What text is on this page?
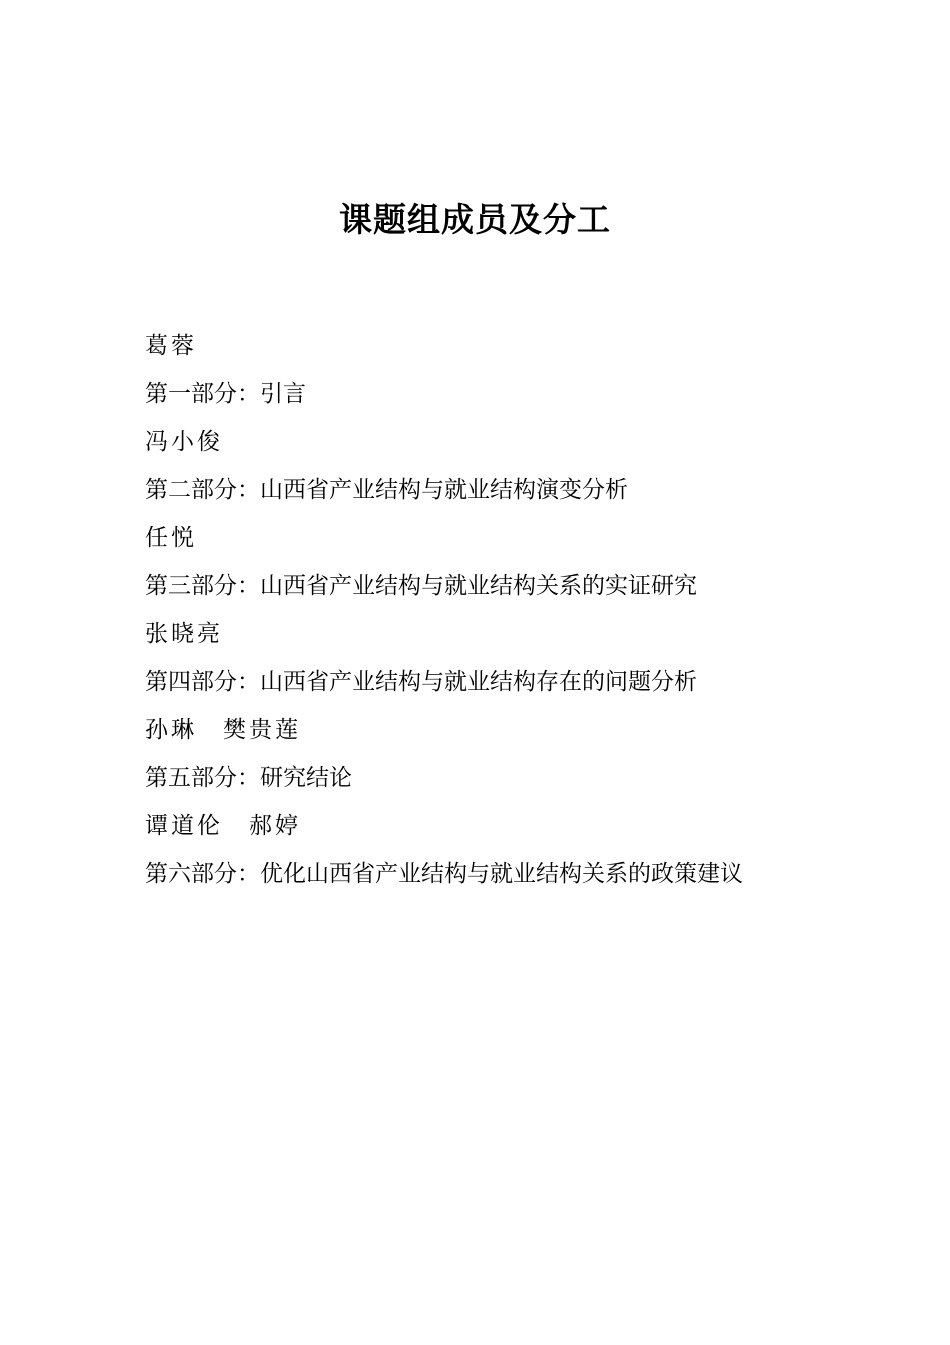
课题组成员及分工
葛蓉
第一部分：引言
冯小俊
第二部分：山西省产业结构与就业结构演变分析
任悦
第三部分：山西省产业结构与就业结构关系的实证研究
张晓亮
第四部分：山西省产业结构与就业结构存在的问题分析
孙琳 樊贵莲
第五部分：研究结论
谭道伦 郝婷
第六部分：优化山西省产业结构与就业结构关系的政策建议
